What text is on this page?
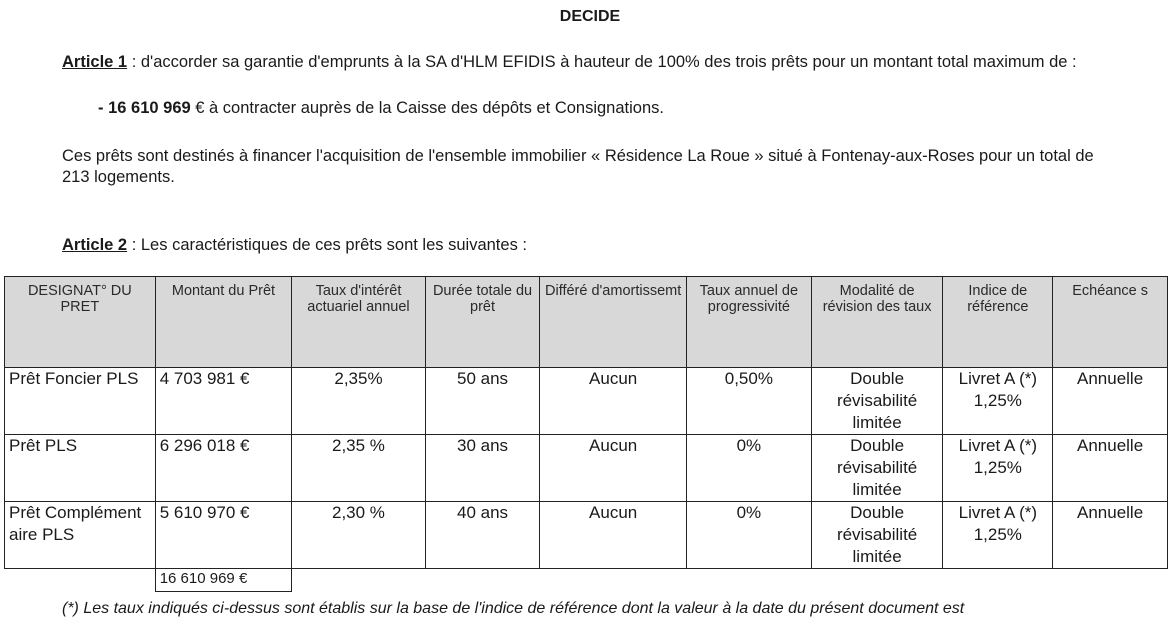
DECIDE
Article 1 : d'accorder sa garantie d'emprunts à la SA d'HLM EFIDIS à hauteur de 100% des trois prêts pour un montant total maximum de :
- 16 610 969 € à contracter auprès de la Caisse des dépôts et Consignations.
Ces prêts sont destinés à financer l'acquisition de l'ensemble immobilier « Résidence La Roue » situé à Fontenay-aux-Roses pour un total de 213 logements.
Article 2 : Les caractéristiques de ces prêts sont les suivantes :
DESIGNAT° DU PRET	Montant du Prêt	Taux d'intérêt actuariel annuel	Durée totale du prêt	Différé d'amortissemt	Taux annuel de progressivité	Modalité de révision des taux	Indice de référence	Echéance s
Prêt Foncier PLS	4 703 981 €	2,35%	50 ans	Aucun	0,50%	Double révisabilité limitée	Livret A (*) 1,25%	Annuelle
Prêt PLS	6 296 018 €	2,35 %	30 ans	Aucun	0%	Double révisabilité limitée	Livret A (*) 1,25%	Annuelle
Prêt Complément aire PLS	5 610 970 €	2,30 %	40 ans	Aucun	0%	Double révisabilité limitée	Livret A (*) 1,25%	Annuelle
	16 610 969 €							
(*) Les taux indiqués ci-dessus sont établis sur la base de l'indice de référence dont la valeur à la date du présent document est
